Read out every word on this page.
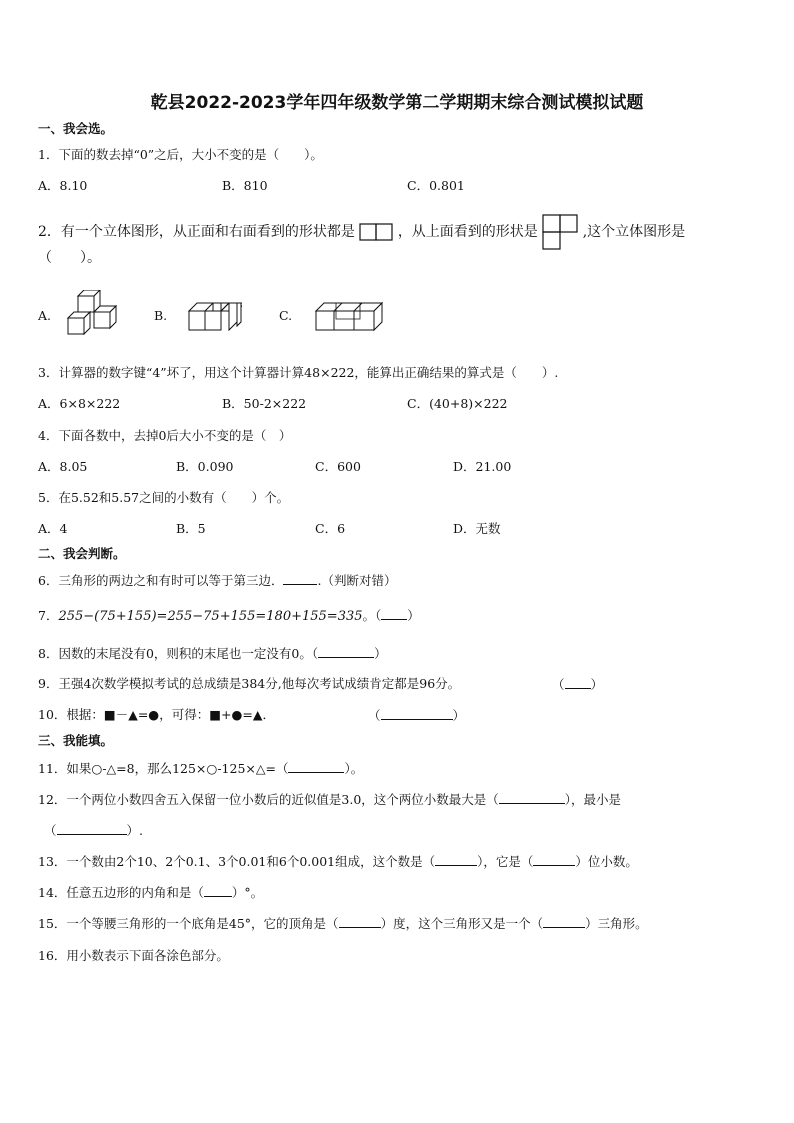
乾县2022-2023学年四年级数学第二学期期末综合测试模拟试题
一、我会选。
1．下面的数去掉“0”之后，大小不变的是（　　）。
A．8.10	B．810	C．0.801
2．有一个立体图形，从正面和右面看到的形状都是	，从上面看到的形状是	,这个立体图形是
（　　）。
A.	B.	C.
3．计算器的数字键“4”坏了，用这个计算器计算48×222，能算出正确结果的算式是（　　）.
A．6×8×222	B．50-2×222	C．(40+8)×222
4．下面各数中，去掉0后大小不变的是（　）
A．8.05	B．0.090	C．600	D．21.00
5．在5.52和5.57之间的小数有（　　）个。
A．4	B．5	C．6	D．无数
二、我会判断。
6．三角形的两边之和有时可以等于第三边．	.（判断对错）
7．255−(75+155)=255−75+155=180+155=335。（ ）
8．因数的末尾没有0，则积的末尾也一定没有0。（	）
9．王强4次数学模拟考试的总成绩是384分,他每次考试成绩肯定都是96分。	（ ）
10．根据：■－▲=●，可得：■+●=▲．	（	）
三、我能填。
11．如果○-△=8，那么125×○-125×△=（	）。
12．一个两位小数四舍五入保留一位小数后的近似值是3.0，这个两位小数最大是（	），最小是
（	）.
13．一个数由2个10、2个0.1、3个0.01和6个0.001组成，这个数是（	），它是（	）位小数。
14．任意五边形的内角和是（ ）°。
15．一个等腰三角形的一个底角是45°，它的顶角是（	）度，这个三角形又是一个（	）三角形。
16．用小数表示下面各涂色部分。
